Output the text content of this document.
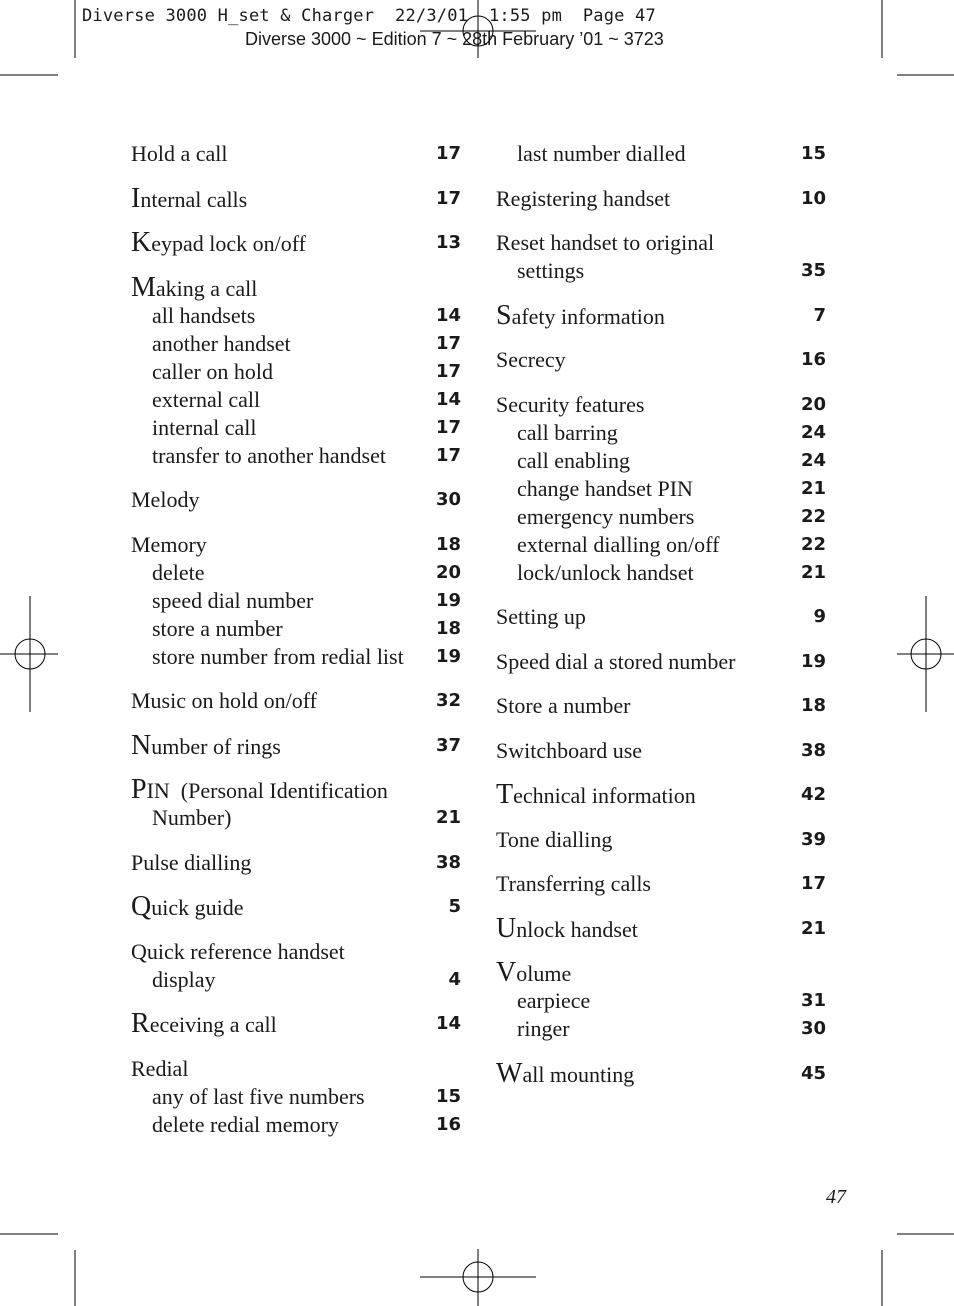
Diverse 3000 H_set & Charger  22/3/01  1:55 pm  Page 47
Diverse 3000 ~ Edition 7 ~ 28th February ’01 ~ 3723
Hold a call	17
Internal calls	17
Keypad lock on/off	13
Making a call
all handsets	14
another handset	17
caller on hold	17
external call	14
internal call	17
transfer to another handset	17
Melody	30
Memory	18
delete	20
speed dial number	19
store a number	18
store number from redial list 19
Music on hold on/off	32
Number of rings	37
PIN  (Personal Identification
Number)	21
Pulse dialling	38
Quick guide	5
Quick reference handset
display	4
Receiving a call	14
Redial
any of last five numbers	15
delete redial memory	16
last number dialled	15
Registering handset	10
Reset handset to original
settings	35
Safety information	7
Secrecy	16
Security features	20
call barring	24
call enabling	24
change handset PIN	21
emergency numbers	22
external dialling on/off	22
lock/unlock handset	21
Setting up	9
Speed dial a stored number	19
Store a number	18
Switchboard use	38
Technical information	42
Tone dialling	39
Transferring calls	17
Unlock handset	21
Volume
earpiece	31
ringer	30
Wall mounting	45
47
